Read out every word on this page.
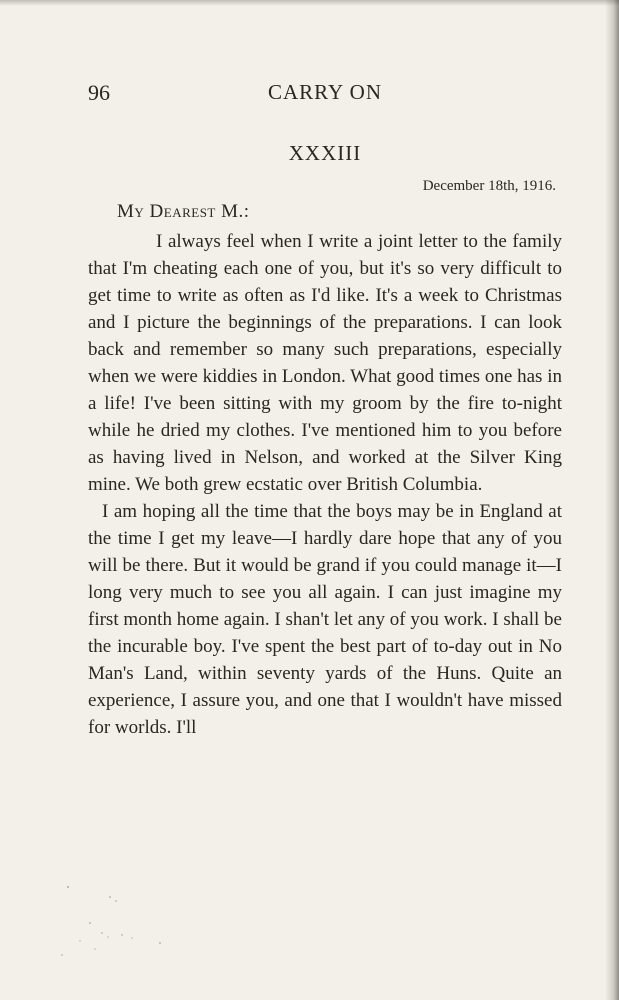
96	CARRY ON
XXXIII
December 18th, 1916.
My Dearest M.:

I always feel when I write a joint letter to the family that I'm cheating each one of you, but it's so very difficult to get time to write as often as I'd like. It's a week to Christmas and I picture the beginnings of the preparations. I can look back and remember so many such preparations, especially when we were kiddies in London. What good times one has in a life! I've been sitting with my groom by the fire to-night while he dried my clothes. I've mentioned him to you before as having lived in Nelson, and worked at the Silver King mine. We both grew ecstatic over British Columbia.

I am hoping all the time that the boys may be in England at the time I get my leave—I hardly dare hope that any of you will be there. But it would be grand if you could manage it—I long very much to see you all again. I can just imagine my first month home again. I shan't let any of you work. I shall be the incurable boy. I've spent the best part of to-day out in No Man's Land, within seventy yards of the Huns. Quite an experience, I assure you, and one that I wouldn't have missed for worlds. I'll
